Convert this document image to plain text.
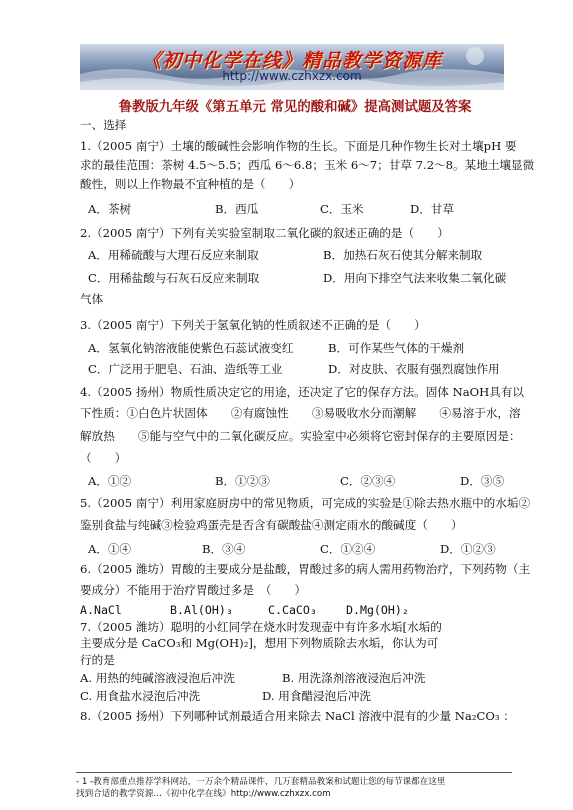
《初中化学在线》精品教学资源库
http://www.czhxzx.com
鲁教版九年级《第五单元 常见的酸和碱》提高测试题及答案
一、选择
1.（2005 南宁）土壤的酸碱性会影响作物的生长。下面是几种作物生长对土壤pH 要
求的最佳范围：茶树 4.5～5.5；西瓜 6～6.8；玉米 6～7；甘草 7.2～8。某地土壤显微
酸性，则以上作物最不宜种植的是（　　）
A．茶树	B．西瓜	C．玉米	D．甘草
2.（2005 南宁）下列有关实验室制取二氧化碳的叙述正确的是（　　）
A．用稀硫酸与大理石反应来制取	B．加热石灰石使其分解来制取
C．用稀盐酸与石灰石反应来制取	D．用向下排空气法来收集二氧化碳
气体
3.（2005 南宁）下列关于氢氧化钠的性质叙述不正确的是（　　）
A．氢氧化钠溶液能使紫色石蕊试液变红	B．可作某些气体的干燥剂
C．广泛用于肥皂、石油、造纸等工业	D．对皮肤、衣服有强烈腐蚀作用
4.（2005 扬州）物质性质决定它的用途，还决定了它的保存方法。固体 NaOH具有以
下性质：①白色片状固体　　②有腐蚀性　　③易吸收水分而潮解　　④易溶于水，溶
解放热　　⑤能与空气中的二氧化碳反应。实验室中必须将它密封保存的主要原因是：
（　　）
A．①②	B．①②③	C．②③④	D．③⑤
5.（2005 南宁）利用家庭厨房中的常见物质，可完成的实验是①除去热水瓶中的水垢②
鉴别食盐与纯碱③检验鸡蛋壳是否含有碳酸盐④测定雨水的酸碱度（　　）
A．①④	B．③④	C．①②④	D．①②③
6.（2005 潍坊）胃酸的主要成分是盐酸，胃酸过多的病人需用药物治疗，下列药物（主
要成分）不能用于治疗胃酸过多是　（　　）
A.NaCl	B.Al(OH)₃	C.CaCO₃	D.Mg(OH)₂
7.（2005 潍坊）聪明的小红同学在烧水时发现壶中有许多水垢[水垢的
主要成分是 CaCO₃和 Mg(OH)₂]，想用下列物质除去水垢，你认为可
行的是
A. 用热的纯碱溶液浸泡后冲洗	B. 用洗涤剂溶液浸泡后冲洗
C. 用食盐水浸泡后冲洗	D. 用食醋浸泡后冲洗
8.（2005 扬州）下列哪种试剂最适合用来除去 NaCl 溶液中混有的少量 Na₂CO₃ ：
- 1 -教育部重点推荐学科网站，一万余个精品课件，几万套精品教案和试题让您的每节课都在这里
找到合适的教学资源…《初中化学在线》http://www.czhxzx.com
